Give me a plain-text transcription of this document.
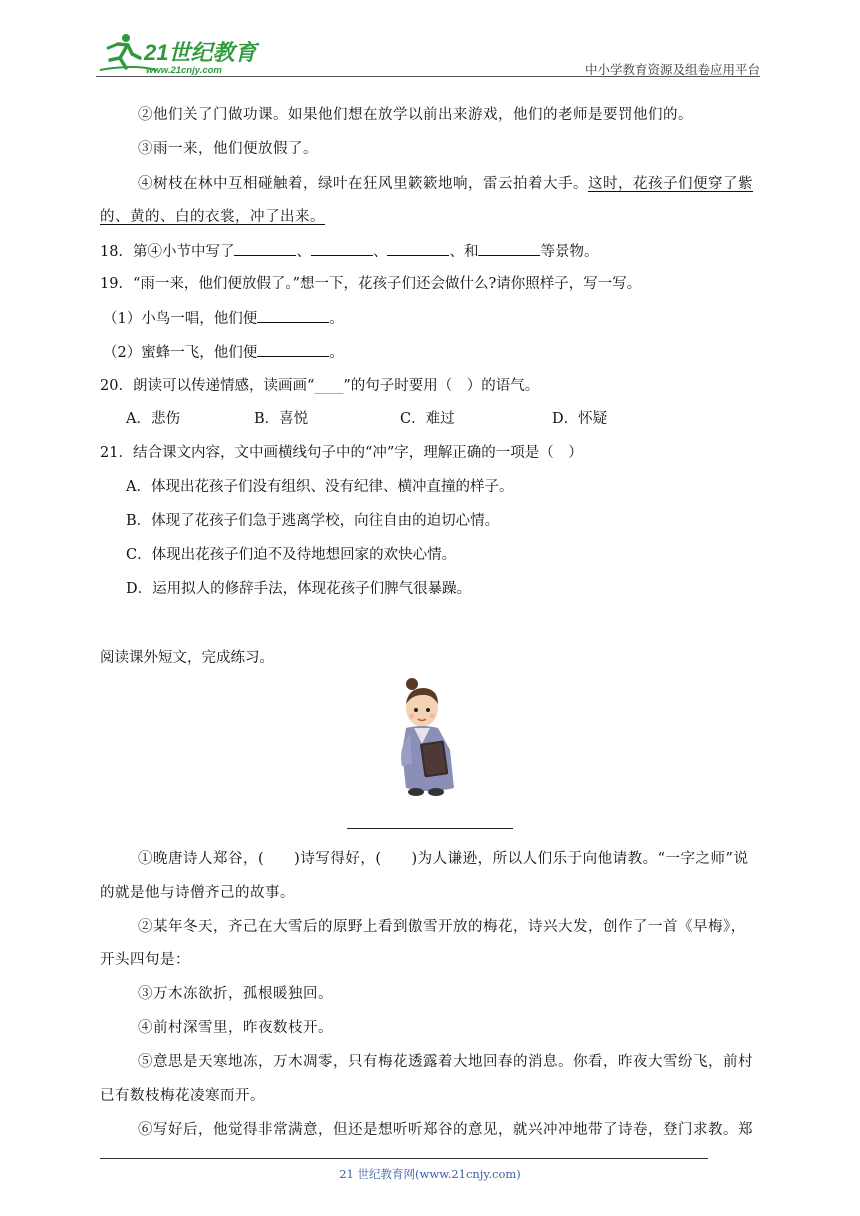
21世纪教育
www.21cnjy.com	中小学教育资源及组卷应用平台
②他们关了门做功课。如果他们想在放学以前出来游戏，他们的老师是要罚他们的。
③雨一来，他们便放假了。
④树枝在林中互相碰触着，绿叶在狂风里簌簌地响，雷云拍着大手。这时，花孩子们便穿了紫
的、黄的、白的衣裳，冲了出来。
18．第④小节中写了	、	、	、和	等景物。
19．“雨一来，他们便放假了。”想一下，花孩子们还会做什么?请你照样子，写一写。
（1）小鸟一唱，他们便	。
（2）蜜蜂一飞，他们便	。
20．朗读可以传递情感，读画画“____”的句子时要用（　）的语气。
A．悲伤	B．喜悦	C．难过	D．怀疑
21．结合课文内容，文中画横线句子中的“冲”字，理解正确的一项是（　）
A．体现出花孩子们没有组织、没有纪律、横冲直撞的样子。
B．体现了花孩子们急于逃离学校，向往自由的迫切心情。
C．体现出花孩子们迫不及待地想回家的欢快心情。
D．运用拟人的修辞手法，体现花孩子们脾气很暴躁。
阅读课外短文，完成练习。
①晚唐诗人郑谷，(　　)诗写得好，(　　)为人谦逊，所以人们乐于向他请教。“一字之师”说
的就是他与诗僧齐己的故事。
②某年冬天，齐己在大雪后的原野上看到傲雪开放的梅花，诗兴大发，创作了一首《早梅》，
开头四句是：
③万木冻欲折，孤根暖独回。
④前村深雪里，昨夜数枝开。
⑤意思是天寒地冻，万木凋零，只有梅花透露着大地回春的消息。你看，昨夜大雪纷飞，前村
已有数枝梅花凌寒而开。
⑥写好后，他觉得非常满意，但还是想听听郑谷的意见，就兴冲冲地带了诗卷，登门求教。郑
21 世纪教育网(www.21cnjy.com)
